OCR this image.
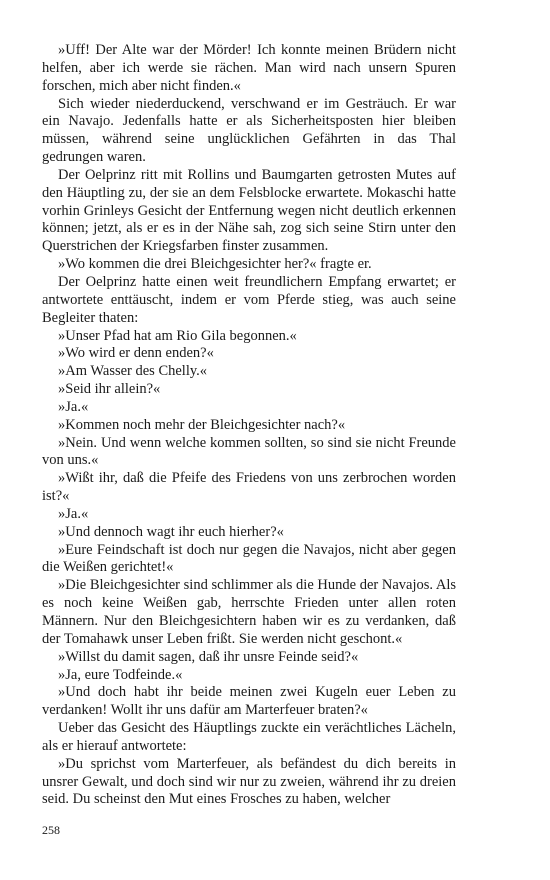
»Uff! Der Alte war der Mörder! Ich konnte meinen Brüdern nicht helfen, aber ich werde sie rächen. Man wird nach unsern Spuren forschen, mich aber nicht finden.«

Sich wieder niederduckend, verschwand er im Gesträuch. Er war ein Navajo. Jedenfalls hatte er als Sicherheitsposten hier bleiben müssen, während seine unglücklichen Gefährten in das Thal gedrungen waren.

Der Oelprinz ritt mit Rollins und Baumgarten getrosten Mutes auf den Häuptling zu, der sie an dem Felsblocke erwartete. Mokaschi hatte vorhin Grinleys Gesicht der Entfernung wegen nicht deutlich erkennen können; jetzt, als er es in der Nähe sah, zog sich seine Stirn unter den Querstrichen der Kriegsfarben finster zusammen.

»Wo kommen die drei Bleichgesichter her?« fragte er.

Der Oelprinz hatte einen weit freundlichern Empfang erwartet; er antwortete enttäuscht, indem er vom Pferde stieg, was auch seine Begleiter thaten:

»Unser Pfad hat am Rio Gila begonnen.«

»Wo wird er denn enden?«

»Am Wasser des Chelly.«

»Seid ihr allein?«

»Ja.«

»Kommen noch mehr der Bleichgesichter nach?«

»Nein. Und wenn welche kommen sollten, so sind sie nicht Freunde von uns.«

»Wißt ihr, daß die Pfeife des Friedens von uns zerbrochen worden ist?«

»Ja.«

»Und dennoch wagt ihr euch hierher?«

»Eure Feindschaft ist doch nur gegen die Navajos, nicht aber gegen die Weißen gerichtet!«

»Die Bleichgesichter sind schlimmer als die Hunde der Navajos. Als es noch keine Weißen gab, herrschte Frieden unter allen roten Männern. Nur den Bleichgesichtern haben wir es zu verdanken, daß der Tomahawk unser Leben frißt. Sie werden nicht geschont.«

»Willst du damit sagen, daß ihr unsre Feinde seid?«

»Ja, eure Todfeinde.«

»Und doch habt ihr beide meinen zwei Kugeln euer Leben zu verdanken! Wollt ihr uns dafür am Marterfeuer braten?«

Ueber das Gesicht des Häuptlings zuckte ein verächtliches Lächeln, als er hierauf antwortete:

»Du sprichst vom Marterfeuer, als befändest du dich bereits in unsrer Gewalt, und doch sind wir nur zu zweien, während ihr zu dreien seid. Du scheinst den Mut eines Frosches zu haben, welcher

258
